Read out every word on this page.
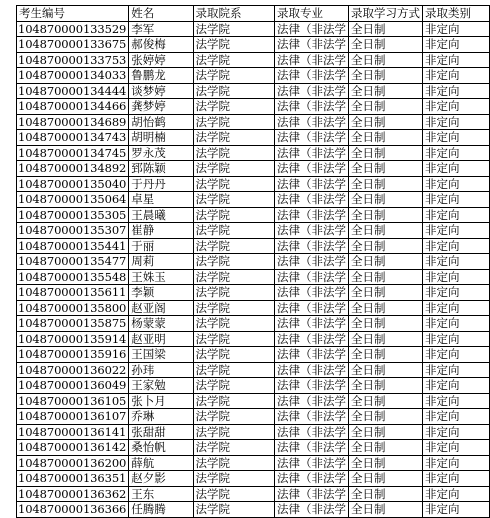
考生编号	姓名	录取院系	录取专业	录取学习方式	录取类别
104870000133529	李军	法学院	法律（非法学	全日制	非定向
104870000133675	郝俊梅	法学院	法律（非法学	全日制	非定向
104870000133753	张婷婷	法学院	法律（非法学	全日制	非定向
104870000134033	鲁鹏龙	法学院	法律（非法学	全日制	非定向
104870000134444	谈梦婷	法学院	法律（非法学	全日制	非定向
104870000134466	龚梦婷	法学院	法律（非法学	全日制	非定向
104870000134689	胡怡鹤	法学院	法律（非法学	全日制	非定向
104870000134743	胡明楠	法学院	法律（非法学	全日制	非定向
104870000134745	罗永茂	法学院	法律（非法学	全日制	非定向
104870000134892	郅陈颖	法学院	法律（非法学	全日制	非定向
104870000135040	于丹丹	法学院	法律（非法学	全日制	非定向
104870000135064	卓星	法学院	法律（非法学	全日制	非定向
104870000135305	王晨曦	法学院	法律（非法学	全日制	非定向
104870000135307	崔静	法学院	法律（非法学	全日制	非定向
104870000135441	于丽	法学院	法律（非法学	全日制	非定向
104870000135477	周莉	法学院	法律（非法学	全日制	非定向
104870000135548	王姝玉	法学院	法律（非法学	全日制	非定向
104870000135611	李颖	法学院	法律（非法学	全日制	非定向
104870000135800	赵亚阁	法学院	法律（非法学	全日制	非定向
104870000135875	杨蒙蒙	法学院	法律（非法学	全日制	非定向
104870000135914	赵亚明	法学院	法律（非法学	全日制	非定向
104870000135916	王国梁	法学院	法律（非法学	全日制	非定向
104870000136022	孙玮	法学院	法律（非法学	全日制	非定向
104870000136049	王家勉	法学院	法律（非法学	全日制	非定向
104870000136105	张卜月	法学院	法律（非法学	全日制	非定向
104870000136107	乔琳	法学院	法律（非法学	全日制	非定向
104870000136141	张甜甜	法学院	法律（非法学	全日制	非定向
104870000136142	桑怡帆	法学院	法律（非法学	全日制	非定向
104870000136200	薛航	法学院	法律（非法学	全日制	非定向
104870000136351	赵夕影	法学院	法律（非法学	全日制	非定向
104870000136362	王东	法学院	法律（非法学	全日制	非定向
104870000136366	任腾腾	法学院	法律（非法学	全日制	非定向
